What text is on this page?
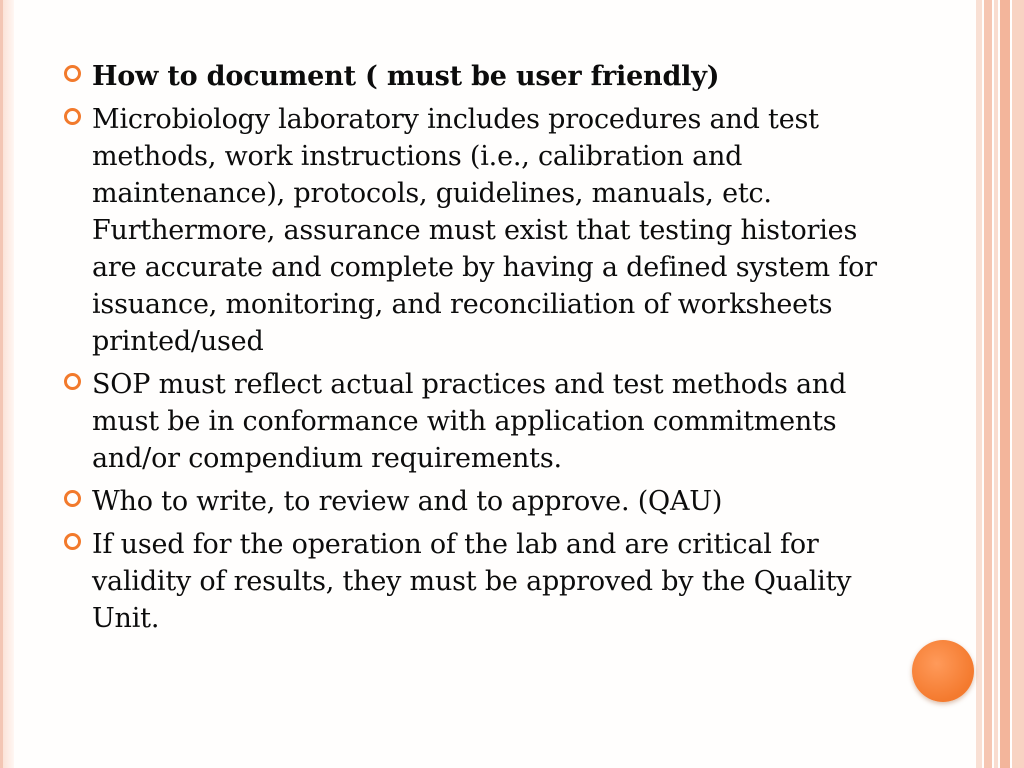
How to document ( must be user friendly)
Microbiology laboratory includes procedures and test methods, work instructions (i.e., calibration and maintenance), protocols, guidelines, manuals, etc. Furthermore, assurance must exist that testing histories are accurate and complete by having a defined system for issuance, monitoring, and reconciliation of worksheets printed/used
SOP must reflect actual practices and test methods and must be in conformance with application commitments and/or compendium requirements.
Who to write, to review and to approve. (QAU)
If used for the operation of the lab and are critical for validity of results, they must be approved by the Quality Unit.
